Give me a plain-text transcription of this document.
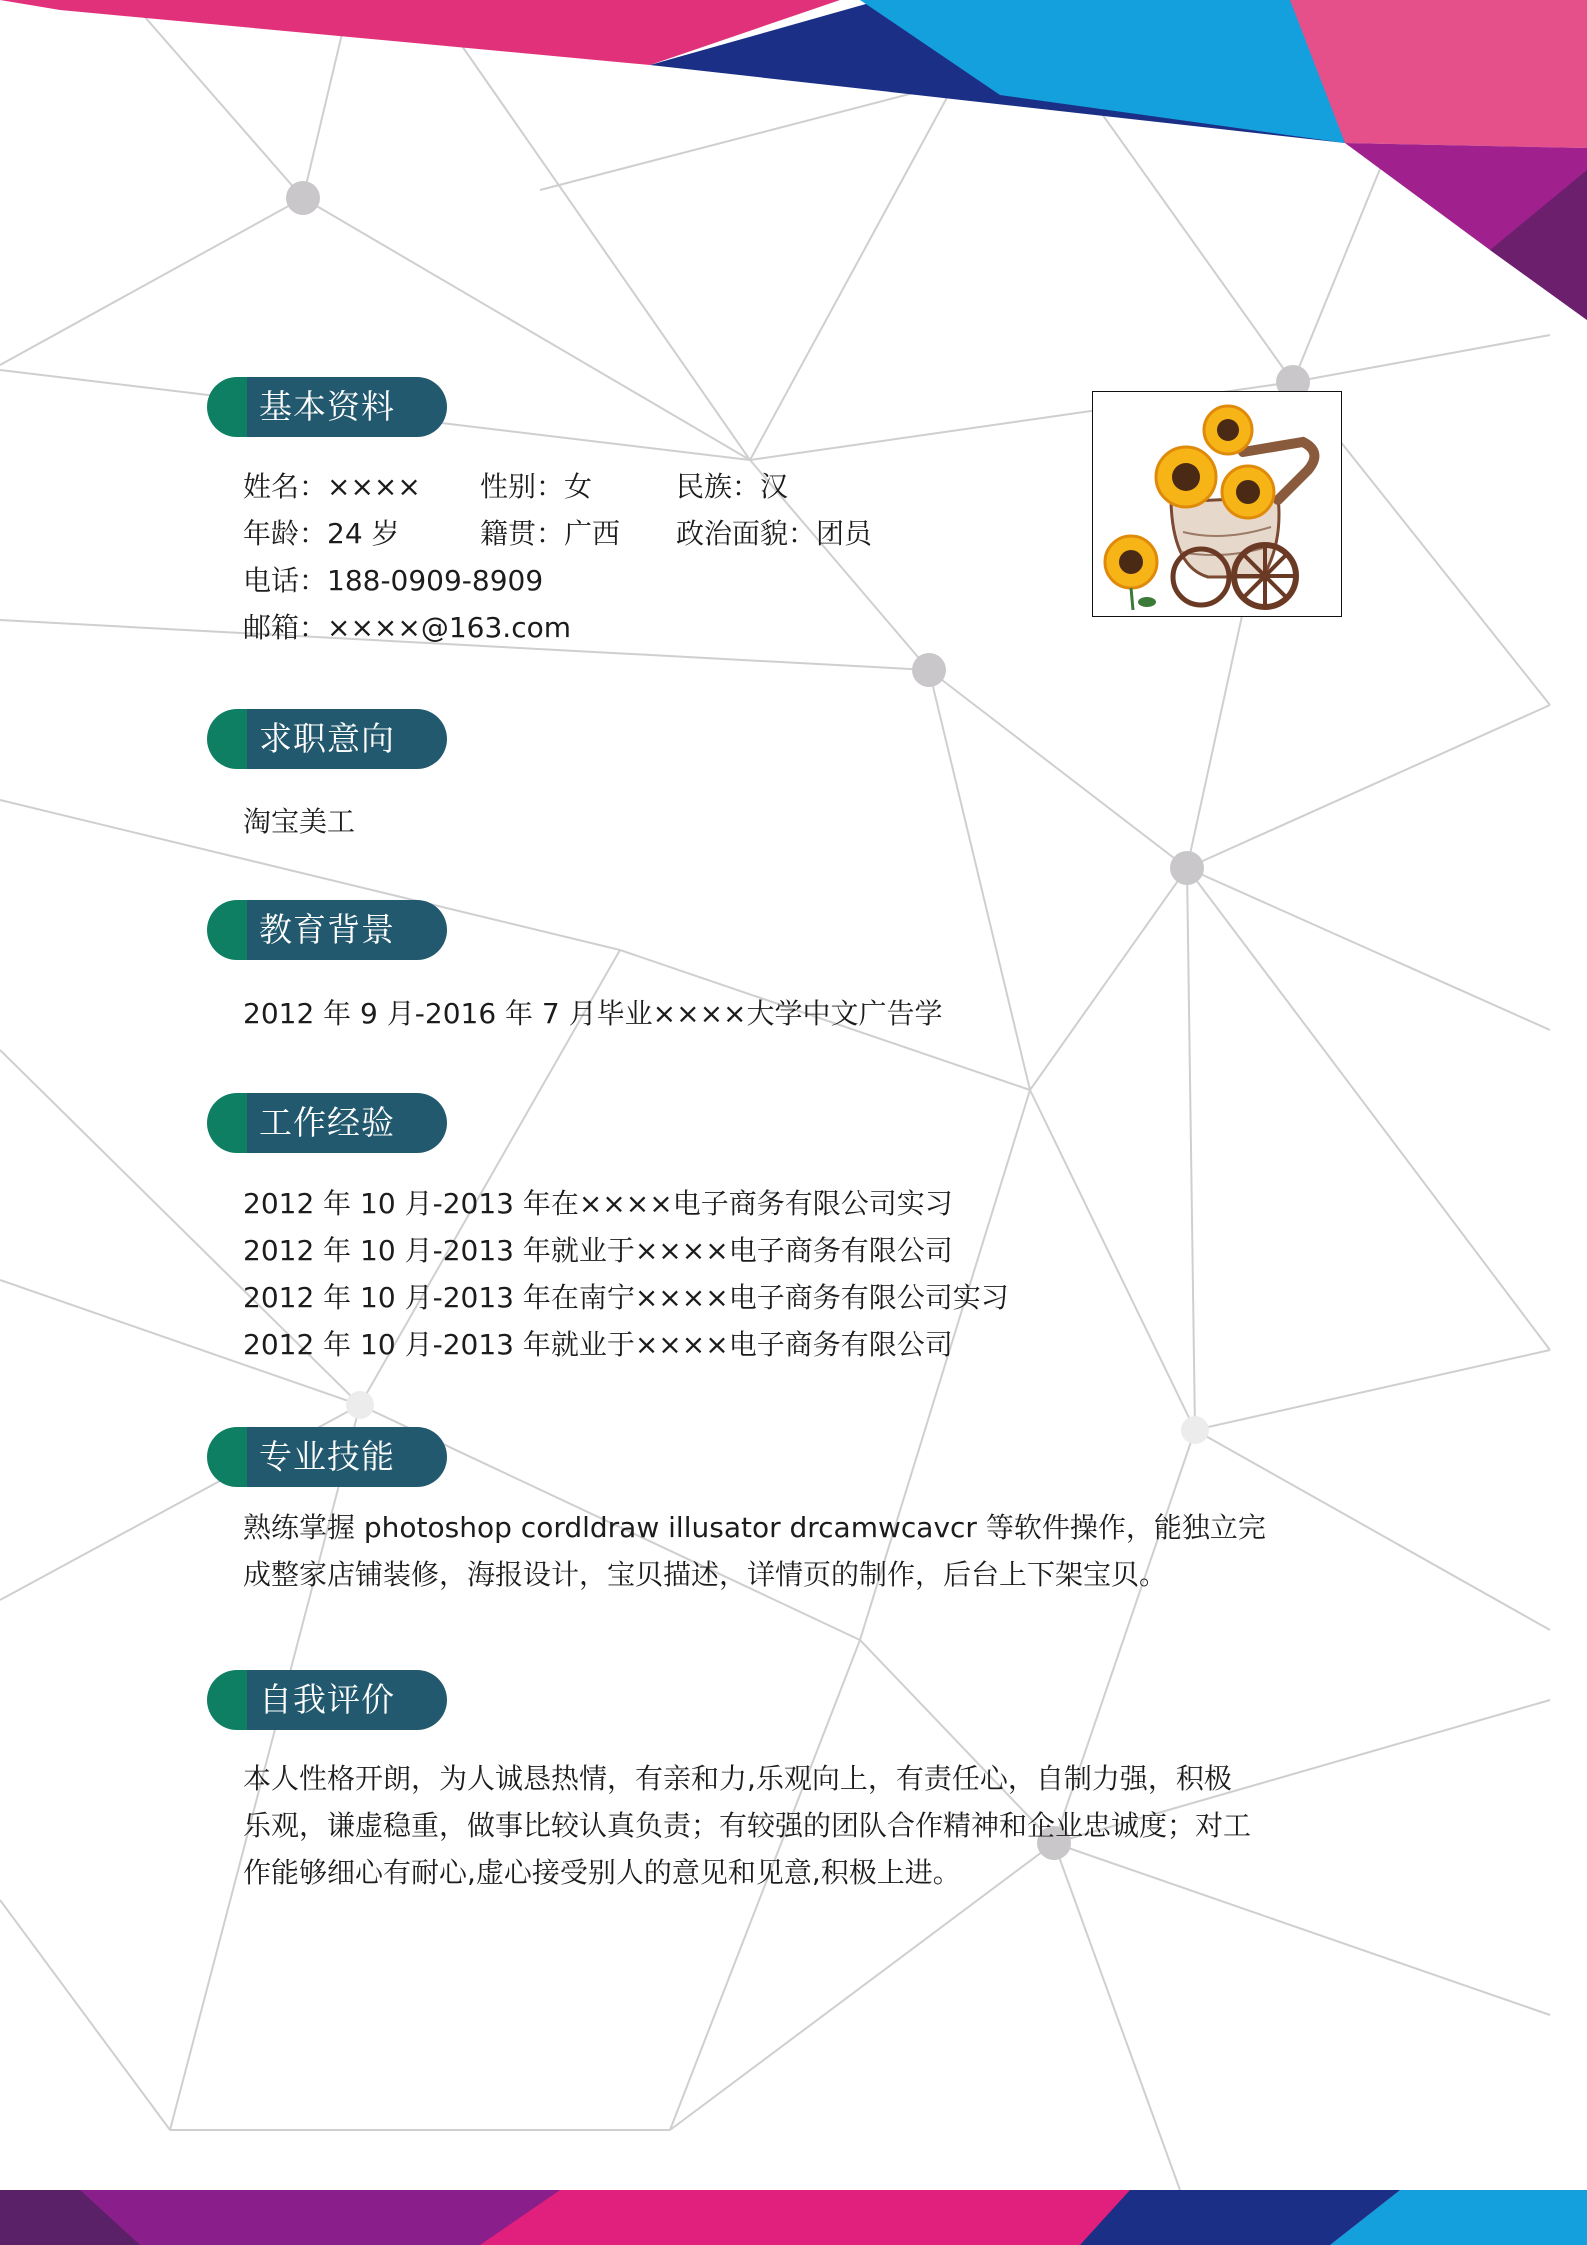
基本资料
姓名：×××× 性别：女	民族：汉
年龄：24 岁	籍贯：广西 政治面貌：团员
电话：188-0909-8909
邮箱：××××@163.com
求职意向
淘宝美工
教育背景
2012 年 9 月-2016 年 7 月毕业××××大学中文广告学
工作经验
2012 年 10 月-2013 年在××××电子商务有限公司实习
2012 年 10 月-2013 年就业于××××电子商务有限公司
2012 年 10 月-2013 年在南宁××××电子商务有限公司实习
2012 年 10 月-2013 年就业于××××电子商务有限公司
专业技能
熟练掌握 photoshop cordldraw illusator drcamwcavcr 等软件操作，能独立完
成整家店铺装修，海报设计，宝贝描述，详情页的制作，后台上下架宝贝。
自我评价
本人性格开朗，为人诚恳热情，有亲和力,乐观向上，有责任心，自制力强，积极
乐观，谦虚稳重，做事比较认真负责；有较强的团队合作精神和企业忠诚度；对工
作能够细心有耐心,虚心接受别人的意见和见意,积极上进。
